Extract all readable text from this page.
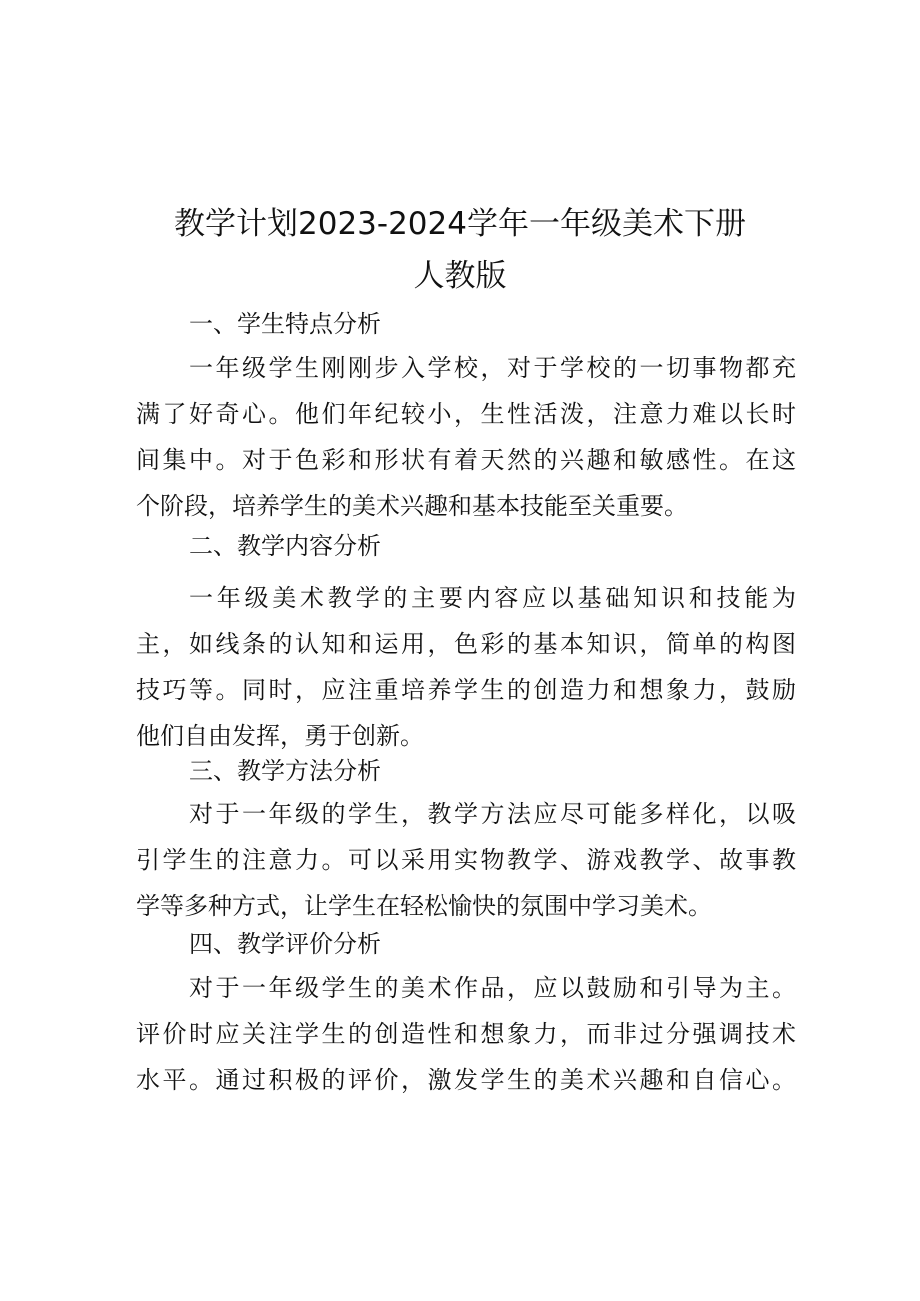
教学计划2023-2024学年一年级美术下册
人教版
一、学生特点分析
一年级学生刚刚步入学校，对于学校的一切事物都充
满了好奇心。他们年纪较小，生性活泼，注意力难以长时
间集中。对于色彩和形状有着天然的兴趣和敏感性。在这
个阶段，培养学生的美术兴趣和基本技能至关重要。
二、教学内容分析
一年级美术教学的主要内容应以基础知识和技能为
主，如线条的认知和运用，色彩的基本知识，简单的构图
技巧等。同时，应注重培养学生的创造力和想象力，鼓励
他们自由发挥，勇于创新。
三、教学方法分析
对于一年级的学生，教学方法应尽可能多样化，以吸
引学生的注意力。可以采用实物教学、游戏教学、故事教
学等多种方式，让学生在轻松愉快的氛围中学习美术。
四、教学评价分析
对于一年级学生的美术作品，应以鼓励和引导为主。
评价时应关注学生的创造性和想象力，而非过分强调技术
水平。通过积极的评价，激发学生的美术兴趣和自信心。
